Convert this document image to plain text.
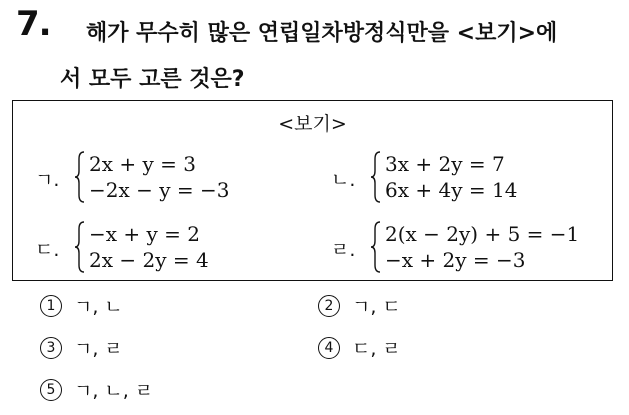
7. 해가 무수히 많은 연립일차방정식만을 <보기>에
서 모두 고른 것은?
<보기>
ㄱ.
2x + y = 3
−2x − y = −3	ㄴ.
3x + 2y = 7
6x + 4y = 14
ㄷ.
−x + y = 2
2x − 2y = 4	ㄹ.
2(x − 2y) + 5 = −1
−x + 2y = −3
1 ㄱ, ㄴ	2 ㄱ, ㄷ
3 ㄱ, ㄹ	4 ㄷ, ㄹ
5 ㄱ, ㄴ, ㄹ
